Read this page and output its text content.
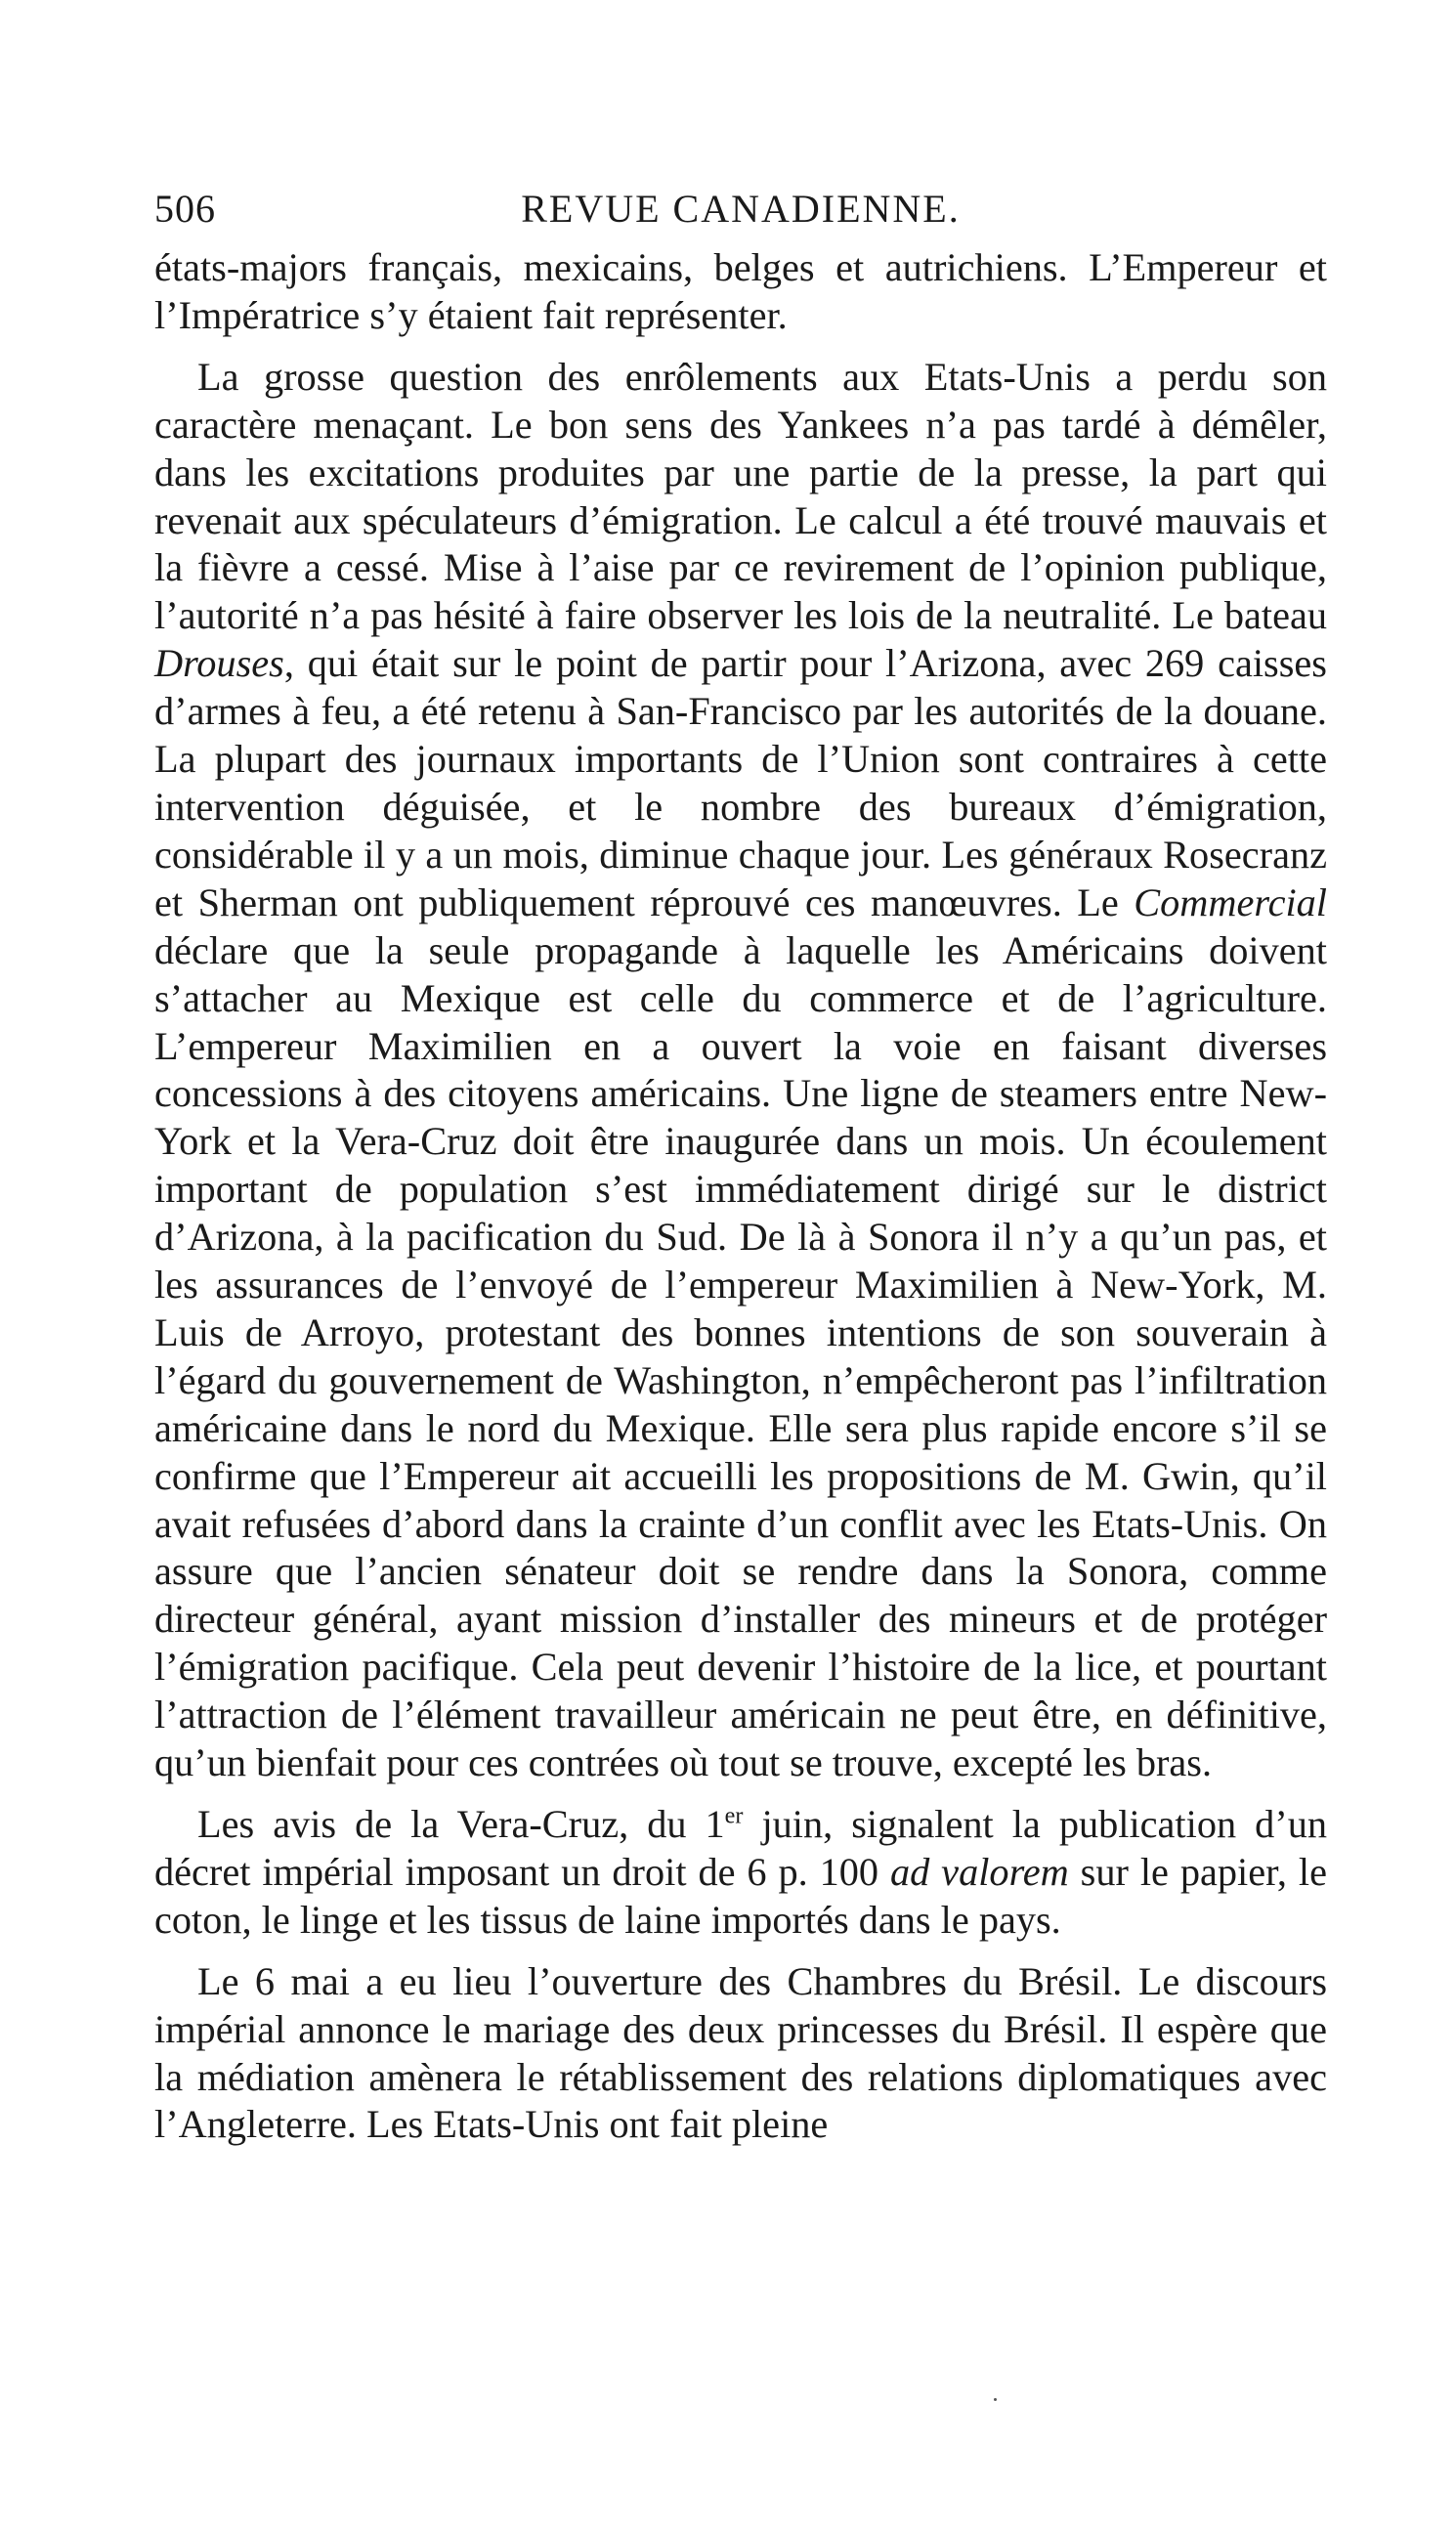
506	REVUE CANADIENNE.

états-majors français, mexicains, belges et autrichiens. L’Empereur et l’Impératrice s’y étaient fait représenter.

La grosse question des enrôlements aux Etats-Unis a perdu son caractère menaçant. Le bon sens des Yankees n’a pas tardé à démêler, dans les excitations produites par une partie de la presse, la part qui revenait aux spéculateurs d’émigration. Le calcul a été trouvé mauvais et la fièvre a cessé. Mise à l’aise par ce revirement de l’opinion publique, l’autorité n’a pas hésité à faire observer les lois de la neutralité. Le bateau Drouses, qui était sur le point de partir pour l’Arizona, avec 269 caisses d’armes à feu, a été retenu à San-Francisco par les autorités de la douane. La plupart des journaux importants de l’Union sont contraires à cette intervention déguisée, et le nombre des bureaux d’émigration, considérable il y a un mois, diminue chaque jour. Les généraux Rosecranz et Sherman ont publiquement réprouvé ces manœuvres. Le Commercial déclare que la seule propagande à laquelle les Américains doivent s’attacher au Mexique est celle du commerce et de l’agriculture. L’empereur Maximilien en a ouvert la voie en faisant diverses concessions à des citoyens américains. Une ligne de steamers entre New-York et la Vera-Cruz doit être inaugurée dans un mois. Un écoulement important de population s’est immédiatement dirigé sur le district d’Arizona, à la pacification du Sud. De là à Sonora il n’y a qu’un pas, et les assurances de l’envoyé de l’empereur Maximilien à New-York, M. Luis de Arroyo, protestant des bonnes intentions de son souverain à l’égard du gouvernement de Washington, n’empêcheront pas l’infiltration américaine dans le nord du Mexique. Elle sera plus rapide encore s’il se confirme que l’Empereur ait accueilli les propositions de M. Gwin, qu’il avait refusées d’abord dans la crainte d’un conflit avec les Etats-Unis. On assure que l’ancien sénateur doit se rendre dans la Sonora, comme directeur général, ayant mission d’installer des mineurs et de protéger l’émigration pacifique. Cela peut devenir l’histoire de la lice, et pourtant l’attraction de l’élément travailleur américain ne peut être, en définitive, qu’un bienfait pour ces contrées où tout se trouve, excepté les bras.

Les avis de la Vera-Cruz, du 1er juin, signalent la publication d’un décret impérial imposant un droit de 6 p. 100 ad valorem sur le papier, le coton, le linge et les tissus de laine importés dans le pays.

Le 6 mai a eu lieu l’ouverture des Chambres du Brésil. Le discours impérial annonce le mariage des deux princesses du Brésil. Il espère que la médiation amènera le rétablissement des relations diplomatiques avec l’Angleterre. Les Etats-Unis ont fait pleine
